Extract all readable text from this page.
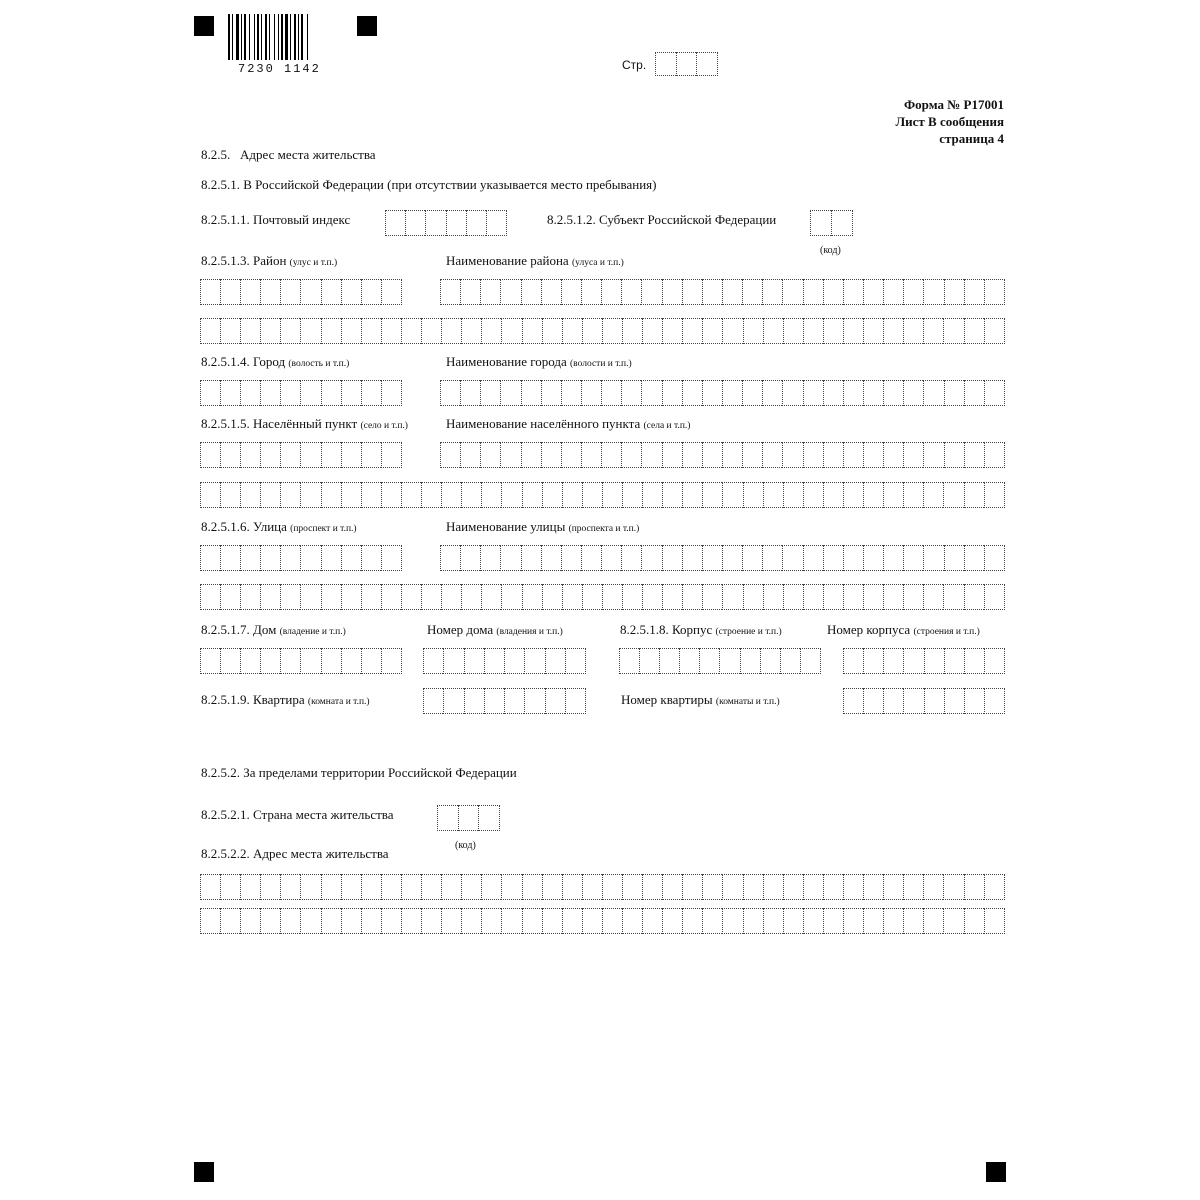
7230 1142	Стр.
Форма № Р17001
Лист В сообщения
страница 4
8.2.5.   Адрес места жительства
8.2.5.1. В Российской Федерации (при отсутствии указывается место пребывания)
8.2.5.1.1. Почтовый индекс	8.2.5.1.2. Субъект Российской Федерации
(код)
8.2.5.1.3. Район (улус и т.п.)	Наименование района (улуса и т.п.)
8.2.5.1.4. Город (волость и т.п.)	Наименование города (волости и т.п.)
8.2.5.1.5. Населённый пункт (село и т.п.)	Наименование населённого пункта (села и т.п.)
8.2.5.1.6. Улица (проспект и т.п.)	Наименование улицы (проспекта и т.п.)
8.2.5.1.7. Дом (владение и т.п.)	Номер дома (владения и т.п.)	8.2.5.1.8. Корпус (строение и т.п.)	Номер корпуса (строения и т.п.)
8.2.5.1.9. Квартира (комната и т.п.)	Номер квартиры (комнаты и т.п.)
8.2.5.2. За пределами территории Российской Федерации
8.2.5.2.1. Страна места жительства
(код)
8.2.5.2.2. Адрес места жительства
